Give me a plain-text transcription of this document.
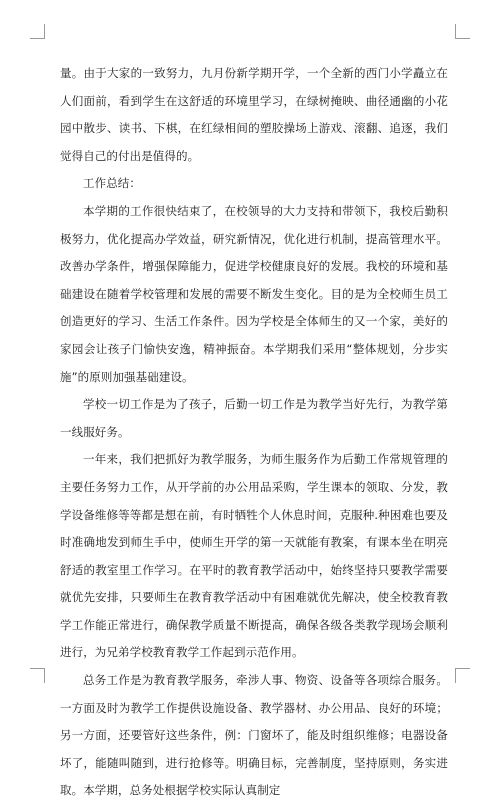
量。由于大家的一致努力，九月份新学期开学，一个全新的西门小学矗立在人们面前，看到学生在这舒适的环境里学习，在绿树掩映、曲径通幽的小花园中散步、读书、下棋，在红绿相间的塑胶操场上游戏、滚翻、追逐，我们觉得自己的付出是值得的。

工作总结：

本学期的工作很快结束了，在校领导的大力支持和带领下，我校后勤积极努力，优化提高办学效益，研究新情况，优化进行机制，提高管理水平。改善办学条件，增强保障能力，促进学校健康良好的发展。我校的环境和基础建设在随着学校管理和发展的需要不断发生变化。目的是为全校师生员工创造更好的学习、生活工作条件。因为学校是全体师生的又一个家，美好的家园会让孩子门愉快安逸，精神振奋。本学期我们采用“整体规划，分步实施”的原则加强基础建设。

学校一切工作是为了孩子，后勤一切工作是为教学当好先行，为教学第一线服好务。

一年来，我们把抓好为教学服务，为师生服务作为后勤工作常规管理的主要任务努力工作，从开学前的办公用品采购，学生课本的领取、分发，教学设备维修等等都是想在前，有时牺牲个人休息时间，克服种.种困难也要及时准确地发到师生手中，使师生开学的第一天就能有教案，有课本坐在明亮舒适的教室里工作学习。在平时的教育教学活动中，始终坚持只要教学需要就优先安排，只要师生在教育教学活动中有困难就优先解决，使全校教育教学工作能正常进行，确保教学质量不断提高，确保各级各类教学现场会顺利进行，为兄弟学校教育教学工作起到示范作用。

总务工作是为教育教学服务，牵涉人事、物资、设备等各项综合服务。一方面及时为教学工作提供设施设备、教学器材、办公用品、良好的环境；另一方面，还要管好这些条件，例：门窗坏了，能及时组织维修；电器设备坏了，能随叫随到，进行抢修等。明确目标，完善制度，坚持原则，务实进取。本学期，总务处根据学校实际认真制定
